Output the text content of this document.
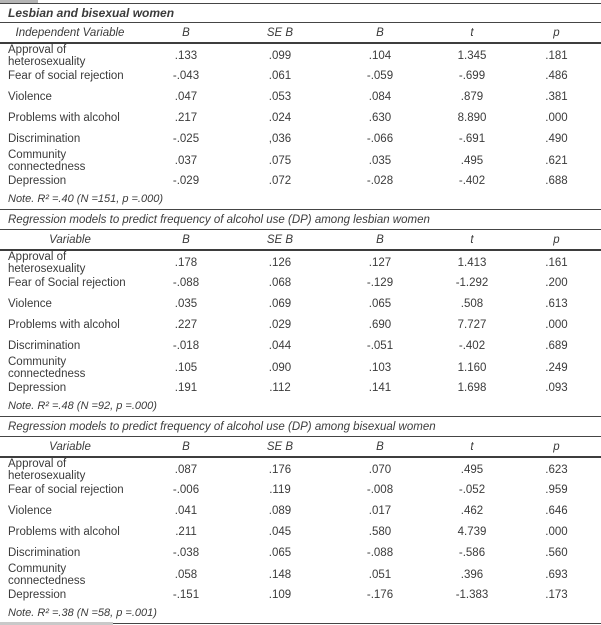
Lesbian and bisexual women
Independent Variable	B	SE B	B	t	p
Approval of heterosexuality	.133	.099	.104	1.345	.181
Fear of social rejection	-.043	.061	-.059	-.699	.486
Violence	.047	.053	.084	.879	.381
Problems with alcohol	.217	.024	.630	8.890	.000
Discrimination	-.025	,036	-.066	-.691	.490
Community connectedness	.037	.075	.035	.495	.621
Depression	-.029	.072	-.028	-.402	.688
Note. R² =.40 (N =151, p =.000)
Regression models to predict frequency of alcohol use (DP) among lesbian women
Variable	B	SE B	B	t	p
Approval of heterosexuality	.178	.126	.127	1.413	.161
Fear of Social rejection	-.088	.068	-.129	-1.292	.200
Violence	.035	.069	.065	.508	.613
Problems with alcohol	.227	.029	.690	7.727	.000
Discrimination	-.018	.044	-.051	-.402	.689
Community connectedness	.105	.090	.103	1.160	.249
Depression	.191	.112	.141	1.698	.093
Note. R² =.48 (N =92, p =.000)
Regression models to predict frequency of alcohol use (DP) among bisexual women
Variable	B	SE B	B	t	p
Approval of heterosexuality	.087	.176	.070	.495	.623
Fear of social rejection	-.006	.119	-.008	-.052	.959
Violence	.041	.089	.017	.462	.646
Problems with alcohol	.211	.045	.580	4.739	.000
Discrimination	-.038	.065	-.088	-.586	.560
Community connectedness	.058	.148	.051	.396	.693
Depression	-.151	.109	-.176	-1.383	.173
Note. R² =.38 (N =58, p =.001)
